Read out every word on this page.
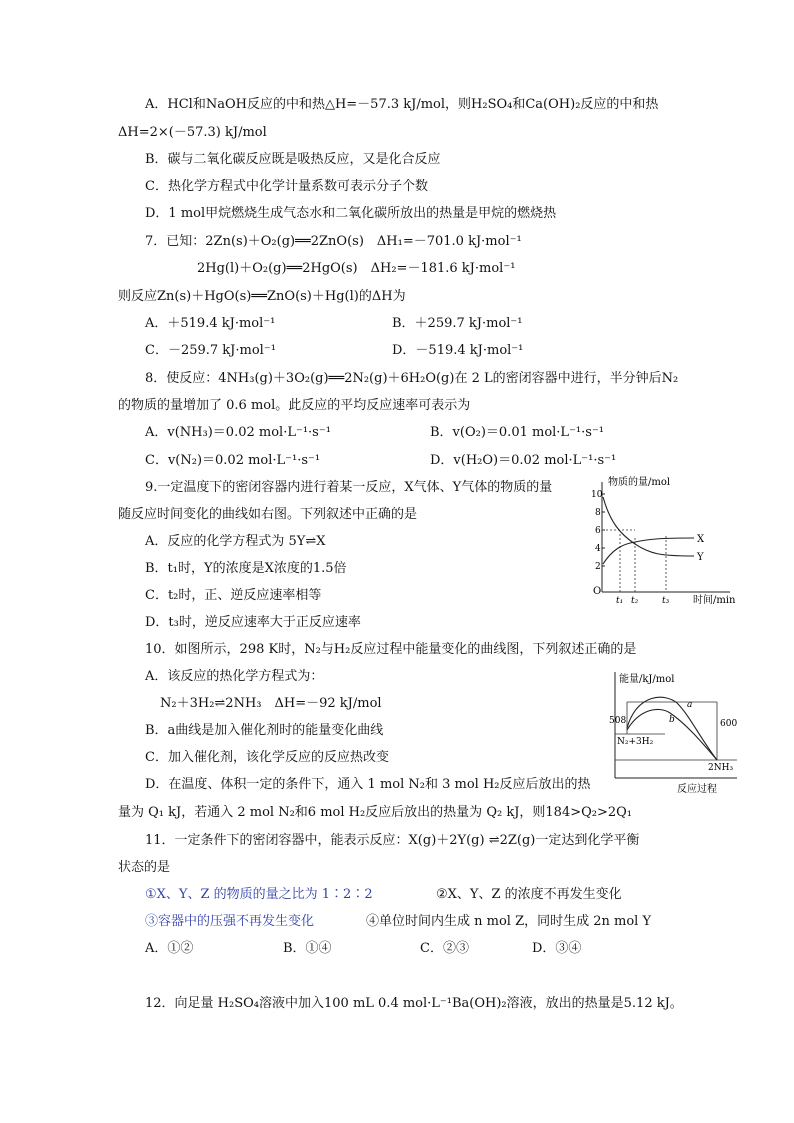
A．HCl和NaOH反应的中和热△H=－57.3 kJ/mol，则H₂SO₄和Ca(OH)₂反应的中和热
ΔH=2×(－57.3) kJ/mol
B．碳与二氧化碳反应既是吸热反应，又是化合反应
C．热化学方程式中化学计量系数可表示分子个数
D．1 mol甲烷燃烧生成气态水和二氧化碳所放出的热量是甲烷的燃烧热
7．已知：2Zn(s)＋O₂(g)══2ZnO(s)　ΔH₁=－701.0 kJ·mol⁻¹
2Hg(l)＋O₂(g)══2HgO(s)　ΔH₂=－181.6 kJ·mol⁻¹
则反应Zn(s)＋HgO(s)══ZnO(s)＋Hg(l)的ΔH为
A．＋519.4 kJ·mol⁻¹	B．＋259.7 kJ·mol⁻¹
C．－259.7 kJ·mol⁻¹	D．－519.4 kJ·mol⁻¹
8．使反应：4NH₃(g)＋3O₂(g)══2N₂(g)＋6H₂O(g)在 2 L的密闭容器中进行，半分钟后N₂
的物质的量增加了 0.6 mol。此反应的平均反应速率可表示为
A．v(NH₃)＝0.02 mol·L⁻¹·s⁻¹	B．v(O₂)＝0.01 mol·L⁻¹·s⁻¹
C．v(N₂)＝0.02 mol·L⁻¹·s⁻¹	D．v(H₂O)＝0.02 mol·L⁻¹·s⁻¹
9.一定温度下的密闭容器内进行着某一反应，X气体、Y气体的物质的量
随反应时间变化的曲线如右图。下列叙述中正确的是
A．反应的化学方程式为 5Y⇌X
B．t₁时，Y的浓度是X浓度的1.5倍
C．t₂时，正、逆反应速率相等
D．t₃时，逆反应速率大于正反应速率
物质的量/mol
O
10
8
6
4
2
X
Y
t₁ t₂	t₃ 时间/min
10．如图所示，298 K时，N₂与H₂反应过程中能量变化的曲线图，下列叙述正确的是
A．该反应的热化学方程式为：
N₂＋3H₂⇌2NH₃　ΔH=－92 kJ/mol
B．a曲线是加入催化剂时的能量变化曲线
C．加入催化剂，该化学反应的反应热改变
D．在温度、体积一定的条件下，通入 1 mol N₂和 3 mol H₂反应后放出的热
量为 Q₁ kJ，若通入 2 mol N₂和6 mol H₂反应后放出的热量为 Q₂ kJ，则184>Q₂>2Q₁
能量/kJ/mol
508	600
a
b
N₂+3H₂
2NH₃
反应过程
11．一定条件下的密闭容器中，能表示反应：X(g)＋2Y(g) ⇌2Z(g)一定达到化学平衡
状态的是
①X、Y、Z 的物质的量之比为 1∶2∶2	②X、Y、Z 的浓度不再发生变化
③容器中的压强不再发生变化	④单位时间内生成 n mol Z，同时生成 2n mol Y
A．①②	B．①④	C．②③	D．③④
12．向足量 H₂SO₄溶液中加入100 mL 0.4 mol·L⁻¹Ba(OH)₂溶液，放出的热量是5.12 kJ。
